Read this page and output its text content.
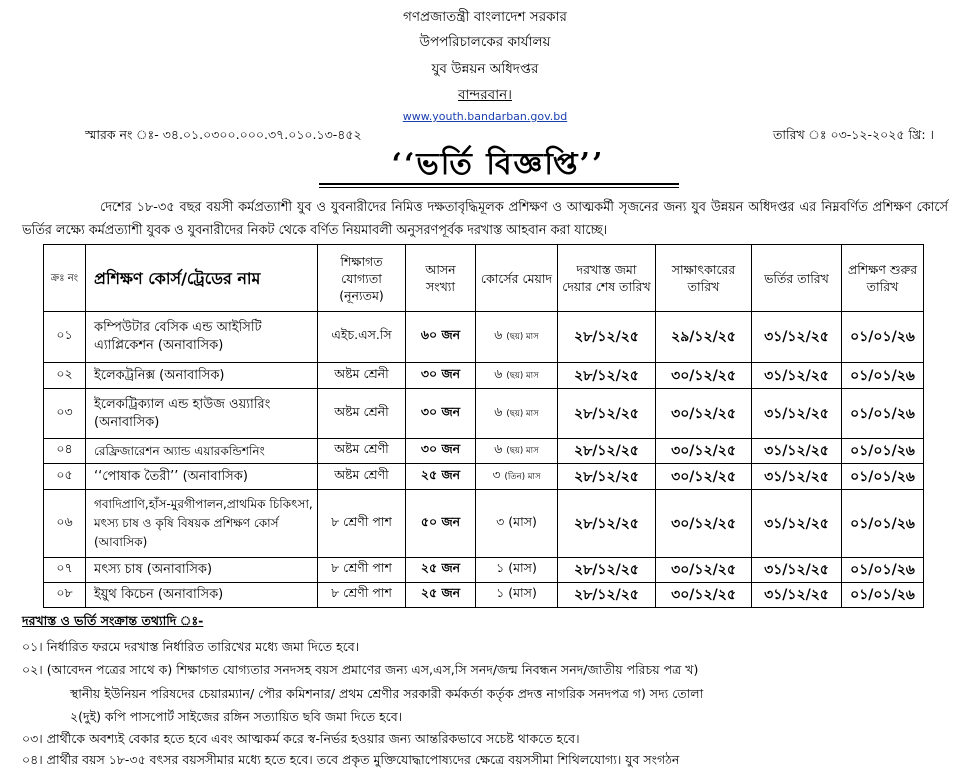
গণপ্রজাতন্ত্রী বাংলাদেশ সরকার
উপপরিচালকের কার্যালয়
যুব উন্নয়ন অধিদপ্তর
বান্দরবান।
www.youth.bandarban.gov.bd
স্মারক নং ঃ- ৩৪.০১.০৩০০.০০০.৩৭.০১০.১৩-৪৫২	তারিখ ঃ ০৩-১২-২০২৫ খ্রি: ।
‘‘ভর্তি বিজ্ঞপ্তি’’
দেশের ১৮-৩৫ বছর বয়সী কর্মপ্রত্যাশী যুব ও যুবনারীদের নিমিত্ত দক্ষতাবৃদ্ধিমূলক প্রশিক্ষণ ও আত্মকর্মী সৃজনের জন্য যুব উন্নয়ন অধিদপ্তর এর নিম্নবর্ণিত প্রশিক্ষণ কোর্সে ভর্তির লক্ষ্যে কর্মপ্রত্যাশী যুবক ও যুবনারীদের নিকট থেকে বর্ণিত নিয়মাবলী অনুসরণপূর্বক দরখাস্ত আহবান করা যাচ্ছে।
ক্রঃ নং	প্রশিক্ষণ কোর্স/ট্রেডের নাম	শিক্ষাগত যোগ্যতা (নূন্যতম)	আসন সংখ্যা	কোর্সের মেয়াদ	দরখাস্ত জমা দেয়ার শেষ তারিখ	সাক্ষাৎকারের তারিখ	ভর্তির তারিখ	প্রশিক্ষণ শুরুর তারিখ
০১	কম্পিউটার বেসিক এন্ড আইসিটি এ্যাপ্লিকেশন (অনাবাসিক)	এইচ.এস.সি	৬০ জন	৬ (ছয়) মাস	২৮/১২/২৫	২৯/১২/২৫	৩১/১২/২৫	০১/০১/২৬
০২	ইলেকট্রনিক্স (অনাবাসিক)	অষ্টম শ্রেনী	৩০ জন	৬ (ছয়) মাস	২৮/১২/২৫	৩০/১২/২৫	৩১/১২/২৫	০১/০১/২৬
০৩	ইলেকট্রিক্যাল এন্ড হাউজ ওয়্যারিং (অনাবাসিক)	অষ্টম শ্রেনী	৩০ জন	৬ (ছয়) মাস	২৮/১২/২৫	৩০/১২/২৫	৩১/১২/২৫	০১/০১/২৬
০৪	রেফ্রিজারেশন অ্যান্ড এয়ারকন্ডিশনিং	অষ্টম শ্রেণী	৩০ জন	৬ (ছয়) মাস	২৮/১২/২৫	৩০/১২/২৫	৩১/১২/২৫	০১/০১/২৬
০৫	‘‘পোষাক তৈরী’’ (অনাবাসিক)	অষ্টম শ্রেণী	২৫ জন	৩ (তিন) মাস	২৮/১২/২৫	৩০/১২/২৫	৩১/১২/২৫	০১/০১/২৬
০৬	গবাদিপ্রাণি,হাঁস-মুরগীপালন,প্রাথমিক চিকিৎসা, মৎস্য চাষ ও কৃষি বিষয়ক প্রশিক্ষণ কোর্স (আবাসিক)	৮ শ্রেণী পাশ	৫০ জন	৩ (মাস)	২৮/১২/২৫	৩০/১২/২৫	৩১/১২/২৫	০১/০১/২৬
০৭	মৎস্য চাষ (অনাবাসিক)	৮ শ্রেণী পাশ	২৫ জন	১ (মাস)	২৮/১২/২৫	৩০/১২/২৫	৩১/১২/২৫	০১/০১/২৬
০৮	ইয়ুথ কিচেন (অনাবাসিক)	৮ শ্রেণী পাশ	২৫ জন	১ (মাস)	২৮/১২/২৫	৩০/১২/২৫	৩১/১২/২৫	০১/০১/২৬
দরখাস্ত ও ভর্তি সংক্রান্ত তথ্যাদি ঃ-
০১। নির্ধারিত ফরমে দরখাস্ত নির্ধারিত তারিখের মধ্যে জমা দিতে হবে।
০২। (আবেদন পত্রের সাথে ক) শিক্ষাগত যোগ্যতার সনদসহ বয়স প্রমাণের জন্য এস,এস,সি সনদ/জন্ম নিবন্ধন সনদ/জাতীয় পরিচয় পত্র খ)
স্থানীয় ইউনিয়ন পরিষদের চেয়ারম্যান/ পৌর কমিশনার/ প্রথম শ্রেণীর সরকারী কর্মকর্তা কর্তৃক প্রদত্ত নাগরিক সনদপত্র গ) সদ্য তোলা
২(দুই) কপি পাসপোর্ট সাইজের রঙ্গিন সত্যায়িত ছবি জমা দিতে হবে।
০৩। প্রার্থীকে অবশ্যই বেকার হতে হবে এবং আত্মকর্ম করে স্ব-নির্ভর হওয়ার জন্য আন্তরিকভাবে সচেষ্ট থাকতে হবে।
০৪। প্রার্থীর বয়স ১৮-৩৫ বৎসর বয়সসীমার মধ্যে হতে হবে। তবে প্রকৃত মুক্তিযোদ্ধাপোষ্যদের ক্ষেত্রে বয়সসীমা শিথিলযোগ্য। যুব সংগঠন
